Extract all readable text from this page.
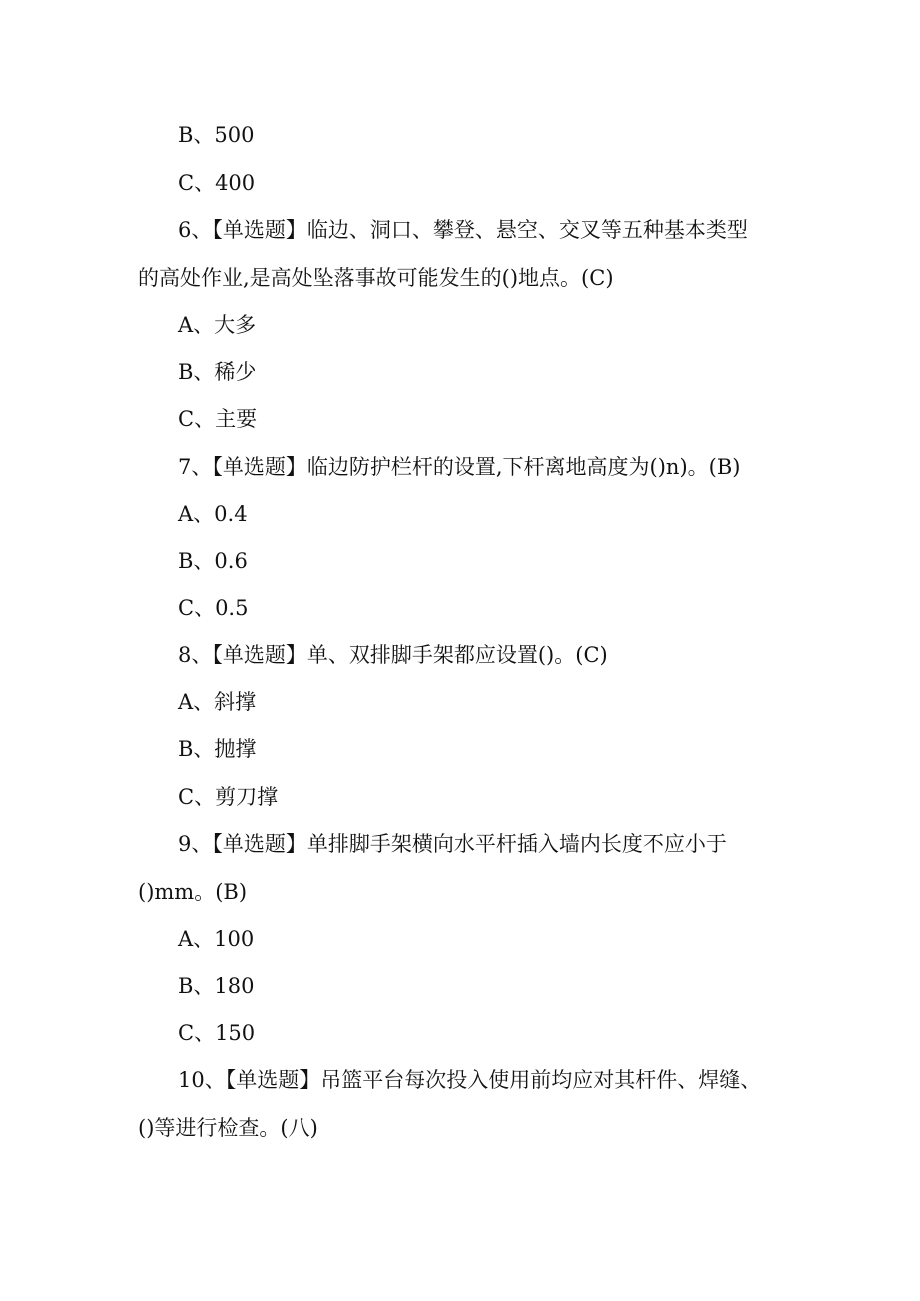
B、500
C、400
6、【单选题】临边、洞口、攀登、悬空、交叉等五种基本类型
的高处作业,是高处坠落事故可能发生的()地点。(C)
A、大多
B、稀少
C、主要
7、【单选题】临边防护栏杆的设置,下杆离地高度为()n)。(B)
A、0.4
B、0.6
C、0.5
8、【单选题】单、双排脚手架都应设置()。(C)
A、斜撑
B、抛撑
C、剪刀撑
9、【单选题】单排脚手架横向水平杆插入墙内长度不应小于
()mm。(B)
A、100
B、180
C、150
10、【单选题】吊篮平台每次投入使用前均应对其杆件、焊缝、
()等进行检查。(八)
